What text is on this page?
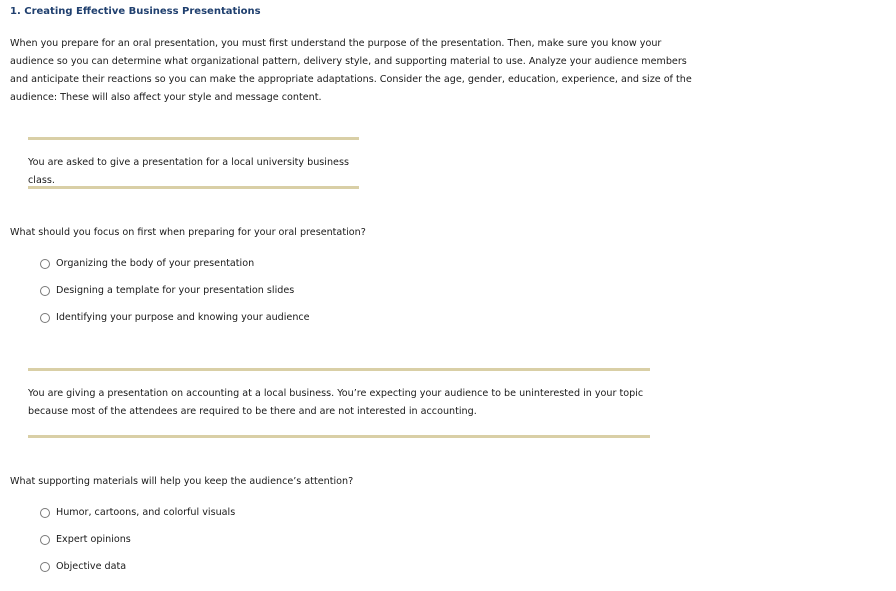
1. Creating Effective Business Presentations

When you prepare for an oral presentation, you must first understand the purpose of the presentation. Then, make sure you know your audience so you can determine what organizational pattern, delivery style, and supporting material to use. Analyze your audience members and anticipate their reactions so you can make the appropriate adaptations. Consider the age, gender, education, experience, and size of the audience: These will also affect your style and message content.

You are asked to give a presentation for a local university business class.

What should you focus on first when preparing for your oral presentation?

Organizing the body of your presentation
Designing a template for your presentation slides
Identifying your purpose and knowing your audience

You are giving a presentation on accounting at a local business. You’re expecting your audience to be uninterested in your topic because most of the attendees are required to be there and are not interested in accounting.

What supporting materials will help you keep the audience’s attention?

Humor, cartoons, and colorful visuals
Expert opinions
Objective data
